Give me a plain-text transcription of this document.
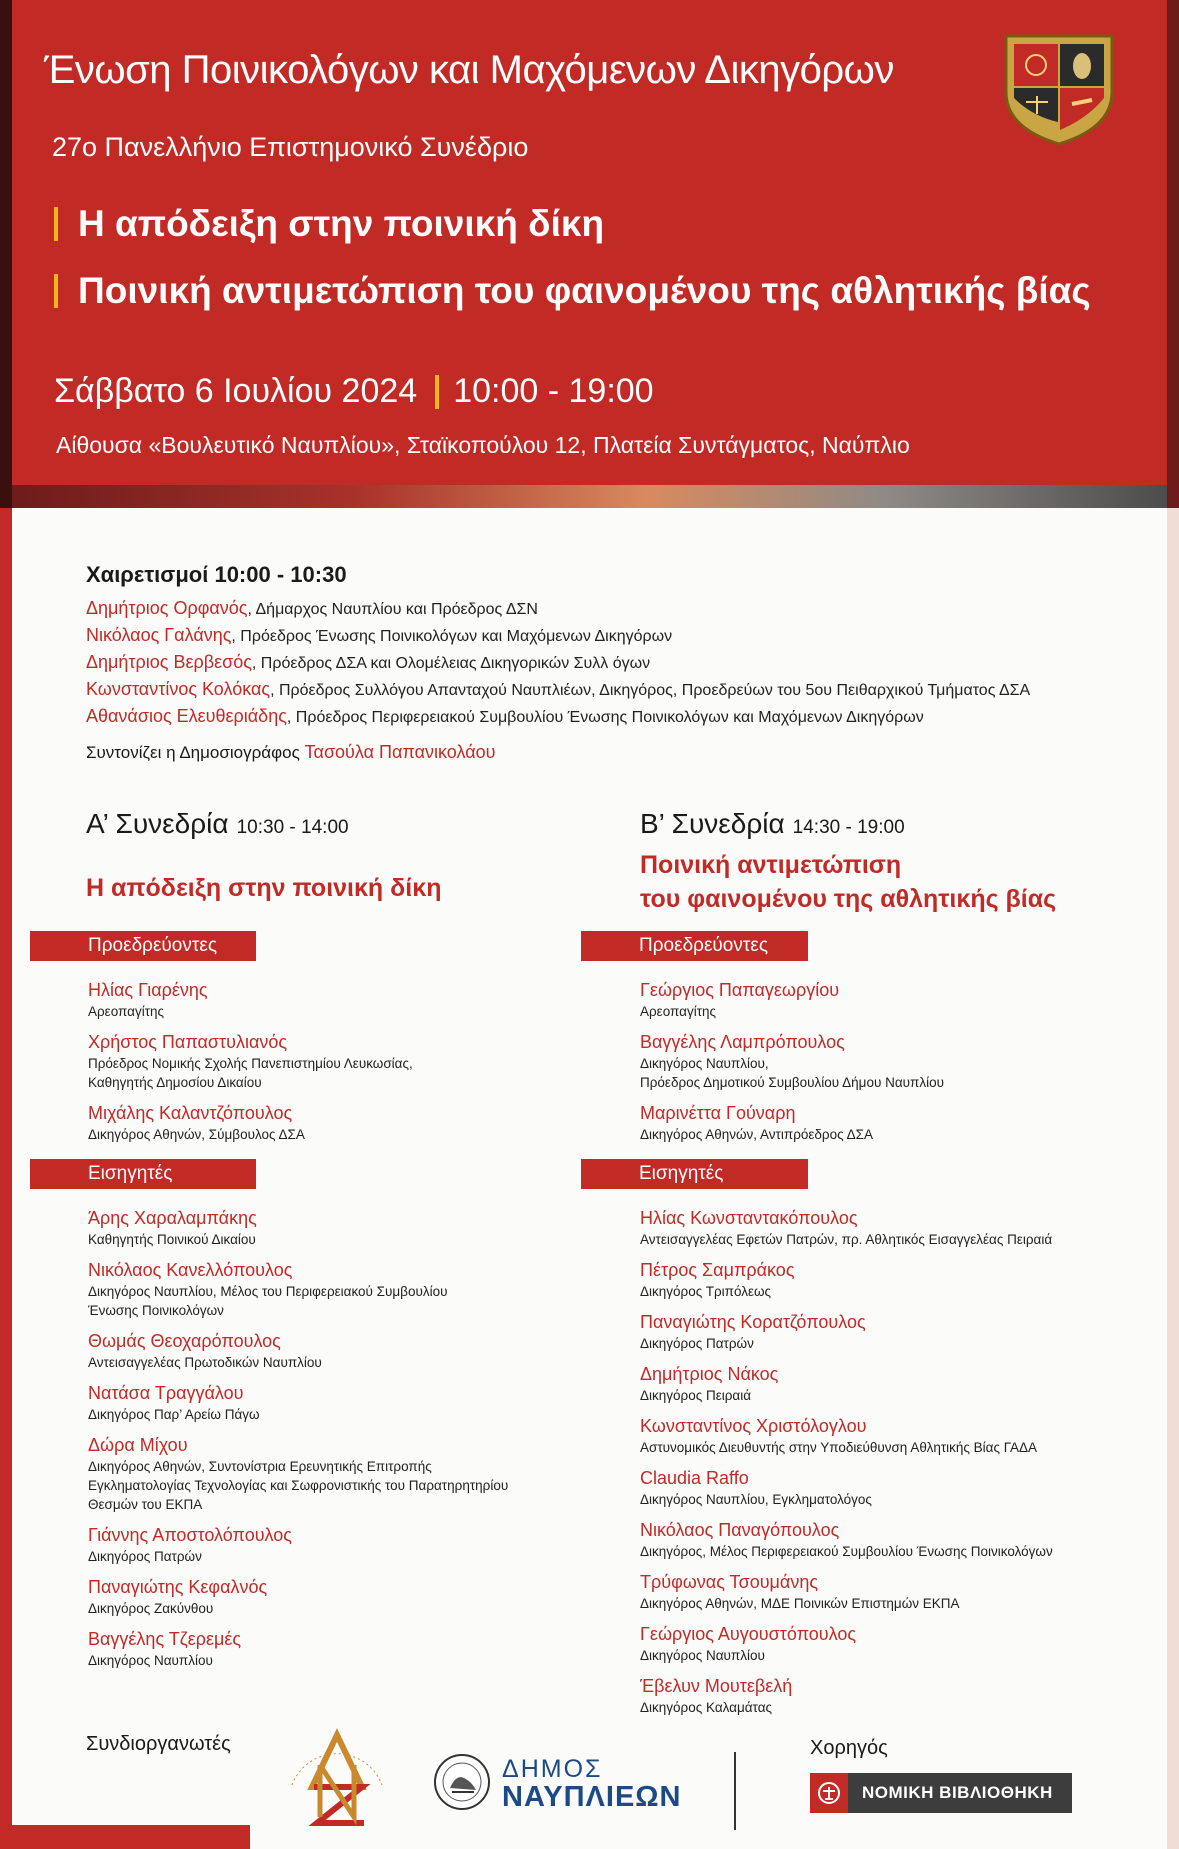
Ένωση Ποινικολόγων και Μαχόμενων Δικηγόρων
27ο Πανελλήνιο Επιστημονικό Συνέδριο
Η απόδειξη στην ποινική δίκη
Ποινική αντιμετώπιση του φαινομένου της αθλητικής βίας
Σάββατο 6 Ιουλίου 2024 10:00 - 19:00
Αίθουσα «Βουλευτικό Ναυπλίου», Σταϊκοπούλου 12, Πλατεία Συντάγματος, Ναύπλιο
Χαιρετισμοί 10:00 - 10:30
Δημήτριος Ορφανός, Δήμαρχος Ναυπλίου και Πρόεδρος ΔΣΝ
Νικόλαος Γαλάνης, Πρόεδρος Ένωσης Ποινικολόγων και Μαχόμενων Δικηγόρων
Δημήτριος Βερβεσός, Πρόεδρος ΔΣΑ και Ολομέλειας Δικηγορικών Συλλ όγων
Κωνσταντίνος Κολόκας, Πρόεδρος Συλλόγου Απανταχού Ναυπλιέων, Δικηγόρος, Προεδρεύων του 5ου Πειθαρχικού Τμήματος ΔΣΑ
Αθανάσιος Ελευθεριάδης, Πρόεδρος Περιφερειακού Συμβουλίου Ένωσης Ποινικολόγων και Μαχόμενων Δικηγόρων
Συντονίζει η Δημοσιογράφος Τασούλα Παπανικολάου
Α’ Συνεδρία 10:30 - 14:00
Η απόδειξη στην ποινική δίκη
Προεδρεύοντες
Ηλίας Γιαρένης
Αρεοπαγίτης
Χρήστος Παπαστυλιανός
Πρόεδρος Νομικής Σχολής Πανεπιστημίου Λευκωσίας,
Καθηγητής Δημοσίου Δικαίου
Μιχάλης Καλαντζόπουλος
Δικηγόρος Αθηνών, Σύμβουλος ΔΣΑ
Εισηγητές
Άρης Χαραλαμπάκης
Καθηγητής Ποινικού Δικαίου
Νικόλαος Κανελλόπουλος
Δικηγόρος Ναυπλίου, Μέλος του Περιφερειακού Συμβουλίου
Ένωσης Ποινικολόγων
Θωμάς Θεοχαρόπουλος
Αντεισαγγελέας Πρωτοδικών Ναυπλίου
Νατάσα Τραγγάλου
Δικηγόρος Παρ’ Αρείω Πάγω
Δώρα Μίχου
Δικηγόρος Αθηνών, Συντονίστρια Ερευνητικής Επιτροπής
Εγκληματολογίας Τεχνολογίας και Σωφρονιστικής του Παρατηρητηρίου
Θεσμών του ΕΚΠΑ
Γιάννης Αποστολόπουλος
Δικηγόρος Πατρών
Παναγιώτης Κεφαλνός
Δικηγόρος Ζακύνθου
Βαγγέλης Τζερεμές
Δικηγόρος Ναυπλίου
Β’ Συνεδρία 14:30 - 19:00
Ποινική αντιμετώπιση
του φαινομένου της αθλητικής βίας
Προεδρεύοντες
Γεώργιος Παπαγεωργίου
Αρεοπαγίτης
Βαγγέλης Λαμπρόπουλος
Δικηγόρος Ναυπλίου,
Πρόεδρος Δημοτικού Συμβουλίου Δήμου Ναυπλίου
Μαρινέττα Γούναρη
Δικηγόρος Αθηνών, Αντιπρόεδρος ΔΣΑ
Εισηγητές
Ηλίας Κωνσταντακόπουλος
Αντεισαγγελέας Εφετών Πατρών, πρ. Αθλητικός Εισαγγελέας Πειραιά
Πέτρος Σαμπράκος
Δικηγόρος Τριπόλεως
Παναγιώτης Κορατζόπουλος
Δικηγόρος Πατρών
Δημήτριος Νάκος
Δικηγόρος Πειραιά
Κωνσταντίνος Χριστόλογλου
Αστυνομικός Διευθυντής στην Υποδιεύθυνση Αθλητικής Βίας ΓΑΔΑ
Claudia Raffo
Δικηγόρος Ναυπλίου, Εγκληματολόγος
Νικόλαος Παναγόπουλος
Δικηγόρος, Μέλος Περιφερειακού Συμβουλίου Ένωσης Ποινικολόγων
Τρύφωνας Τσουμάνης
Δικηγόρος Αθηνών, ΜΔΕ Ποινικών Επιστημών ΕΚΠΑ
Γεώργιος Αυγουστόπουλος
Δικηγόρος Ναυπλίου
Έβελυν Μουτεβελή
Δικηγόρος Καλαμάτας
Συνδιοργανωτές
ΔΗΜΟΣ
ΝΑΥΠΛΙΕΩΝ
Χορηγός
ΝΟΜΙΚΗ ΒΙΒΛΙΟΘΗΚΗ
